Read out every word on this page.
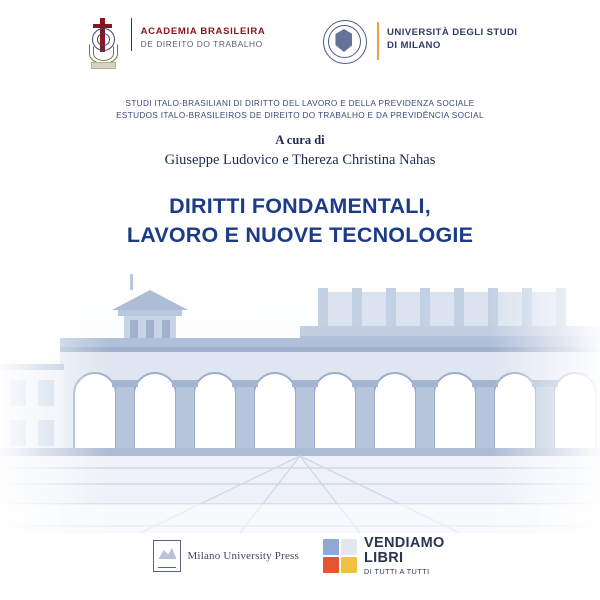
ACADEMIA BRASILEIRA
DE DIREITO DO TRABALHO
UNIVERSITÀ DEGLI STUDI
DI MILANO
STUDI ITALO-BRASILIANI DI DIRITTO DEL LAVORO E DELLA PREVIDENZA SOCIALE
ESTUDOS ITALO-BRASILEIROS DE DIREITO DO TRABALHO E DA PREVIDÊNCIA SOCIAL
A cura di
Giuseppe Ludovico e Thereza Christina Nahas
DIRITTI FONDAMENTALI,
LAVORO E NUOVE TECNOLOGIE
Milano University Press
VENDIAMO
LIBRI
DI TUTTI A TUTTI
